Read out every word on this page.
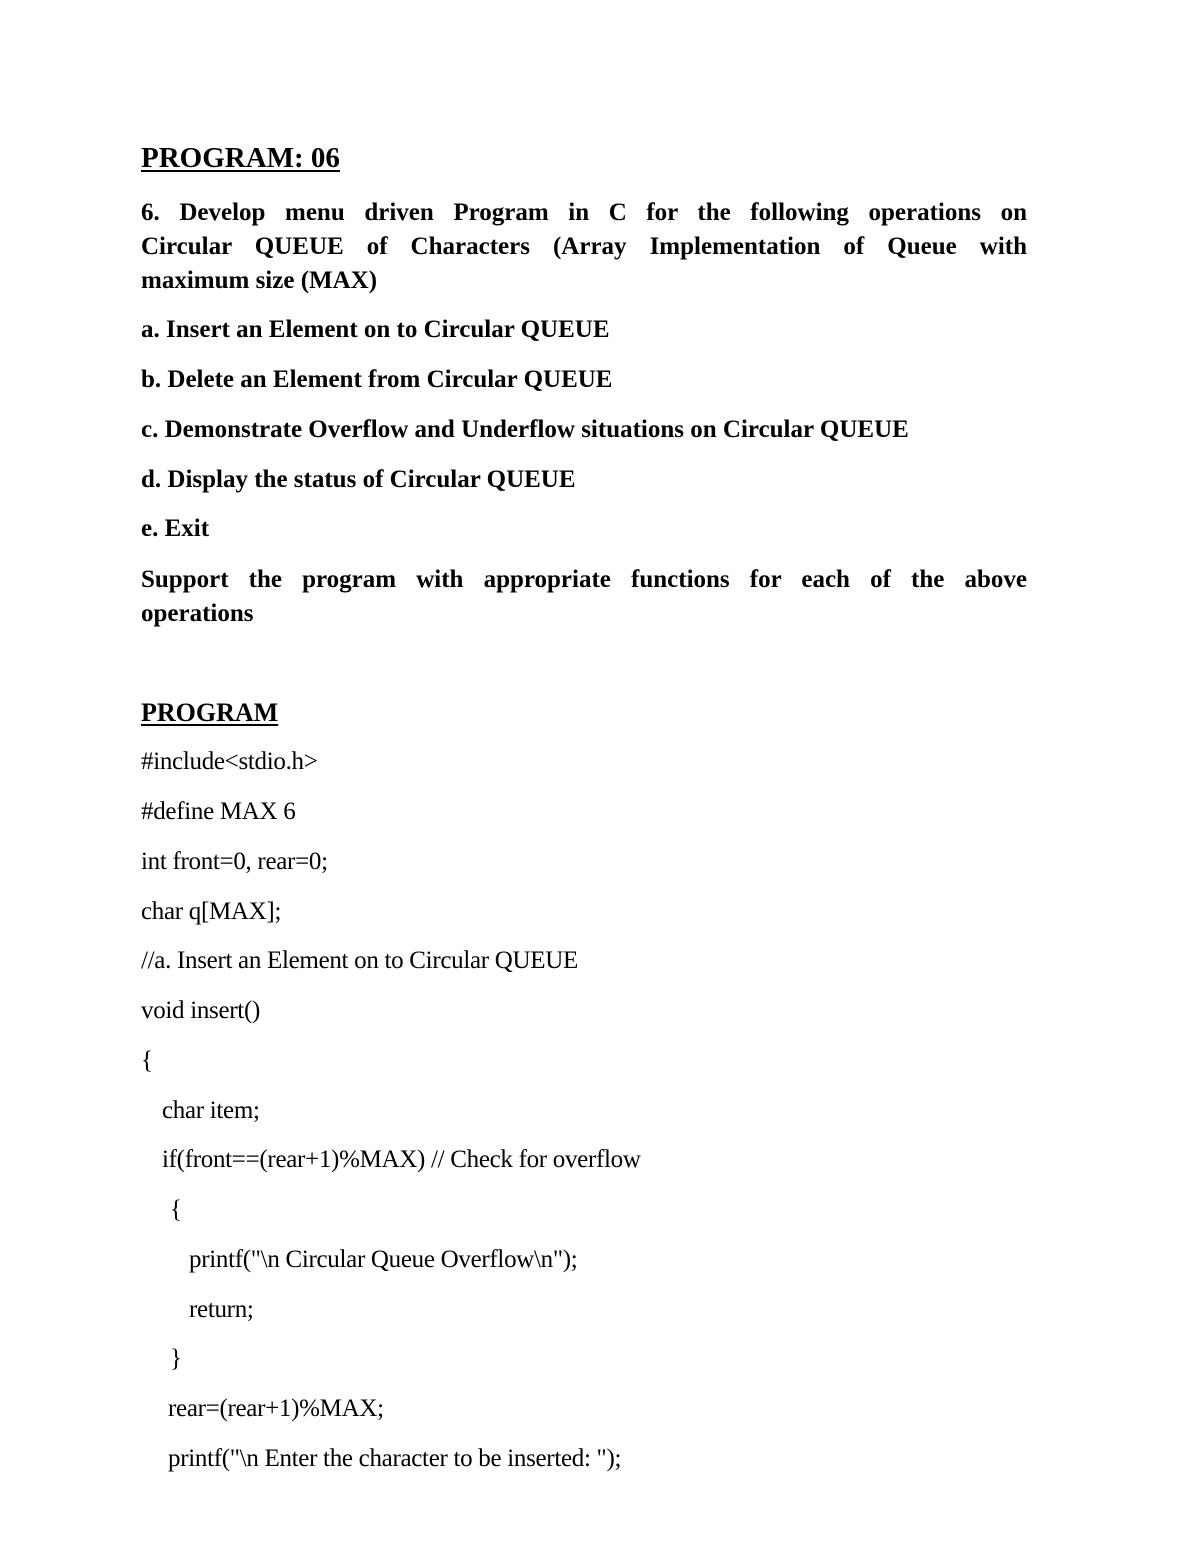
PROGRAM: 06
6. Develop menu driven Program in C for the following operations on
Circular QUEUE of Characters (Array Implementation of Queue with
maximum size (MAX)
a. Insert an Element on to Circular QUEUE
b. Delete an Element from Circular QUEUE
c. Demonstrate Overflow and Underflow situations on Circular QUEUE
d. Display the status of Circular QUEUE
e. Exit
Support the program with appropriate functions for each of the above
operations
PROGRAM
#include<stdio.h>
#define MAX 6
int front=0, rear=0;
char q[MAX];
//a. Insert an Element on to Circular QUEUE
void insert()
{
char item;
if(front==(rear+1)%MAX) // Check for overflow
{
printf("\n Circular Queue Overflow\n");
return;
}
rear=(rear+1)%MAX;
printf("\n Enter the character to be inserted: ");
